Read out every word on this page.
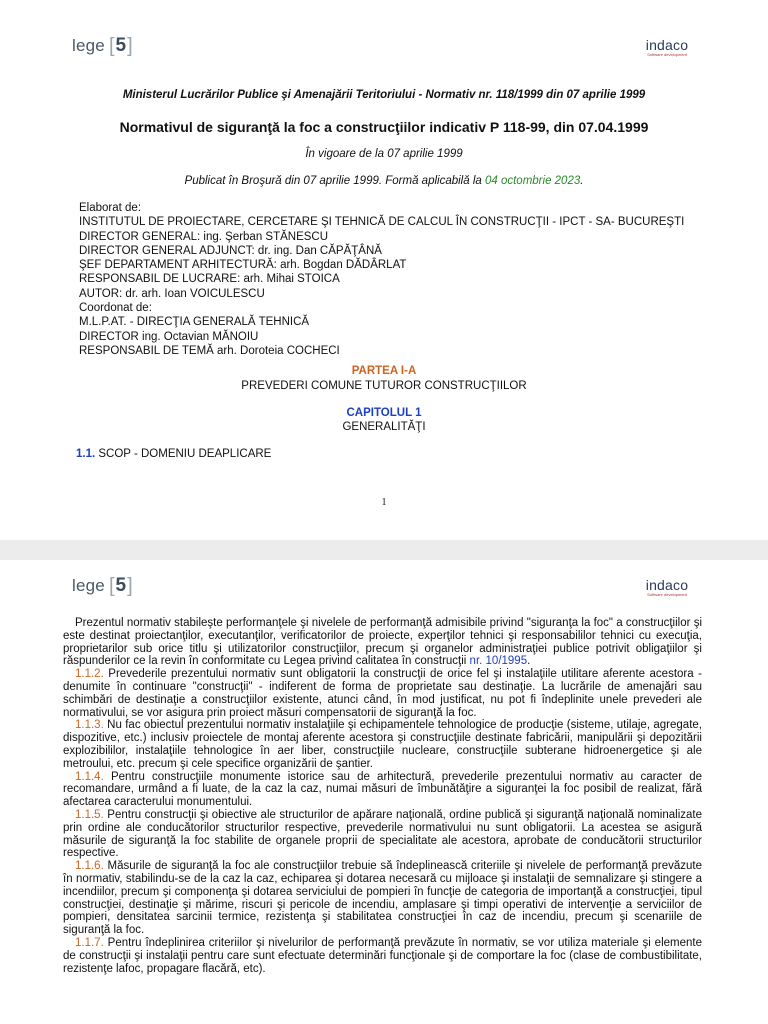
lege [ 5 ]	indaco
Software development
Ministerul Lucrărilor Publice şi Amenajării Teritoriului - Normativ nr. 118/1999 din 07 aprilie 1999
Normativul de siguranţă la foc a construcţiilor indicativ P 118-99, din 07.04.1999
În vigoare de la 07 aprilie 1999
Publicat în Broşură din 07 aprilie 1999. Formă aplicabilă la 04 octombrie 2023.
Elaborat de:
INSTITUTUL DE PROIECTARE, CERCETARE ŞI TEHNICĂ DE CALCUL ÎN CONSTRUCŢII - IPCT - SA- BUCUREŞTI
DIRECTOR GENERAL: ing. Şerban STĂNESCU
DIRECTOR GENERAL ADJUNCT: dr. ing. Dan CĂPĂŢÂNĂ
ŞEF DEPARTAMENT ARHITECTURĂ: arh. Bogdan DĂDÂRLAT
RESPONSABIL DE LUCRARE: arh. Mihai STOICA
AUTOR: dr. arh. Ioan VOICULESCU
Coordonat de:
M.L.P.AT. - DIRECŢIA GENERALĂ TEHNICĂ
DIRECTOR ing. Octavian MĂNOIU
RESPONSABIL DE TEMĂ arh. Doroteia COCHECI
PARTEA I-A
PREVEDERI COMUNE TUTUROR CONSTRUCŢIILOR
CAPITOLUL 1
GENERALITĂŢI
1.1. SCOP - DOMENIU DEAPLICARE
1
lege [ 5 ]	indaco
Software development

Prezentul normativ stabileşte performanţele şi nivelele de performanţă admisibile privind "siguranţa la foc" a construcţiilor şi este destinat proiectanţilor, executanţilor, verificatorilor de proiecte, experţilor tehnici şi responsabililor tehnici cu execuţia, proprietarilor sub orice titlu şi utilizatorilor construcţiilor, precum şi organelor administraţiei publice potrivit obligaţiilor şi răspunderilor ce la revin în conformitate cu Legea privind calitatea în construcţii nr. 10/1995.

1.1.2. Prevederile prezentului normativ sunt obligatorii la construcţii de orice fel şi instalaţiile utilitare aferente acestora - denumite în continuare "construcţii" - indiferent de forma de proprietate sau destinaţie. La lucrările de amenajări sau schimbări de destinaţie a construcţiilor existente, atunci când, în mod justificat, nu pot fi îndeplinite unele prevederi ale normativului, se vor asigura prin proiect măsuri compensatorii de siguranţă la foc.

1.1.3. Nu fac obiectul prezentului normativ instalaţiile şi echipamentele tehnologice de producţie (sisteme, utilaje, agregate, dispozitive, etc.) inclusiv proiectele de montaj aferente acestora şi construcţiile destinate fabricării, manipulării şi depozitării explozibililor, instalaţiile tehnologice în aer liber, construcţiile nucleare, construcţiile subterane hidroenergetice şi ale metroului, etc. precum şi cele specifice organizării de şantier.

1.1.4. Pentru construcţiile monumente istorice sau de arhitectură, prevederile prezentului normativ au caracter de recomandare, urmând a fi luate, de la caz la caz, numai măsuri de îmbunătăţire a siguranţei la foc posibil de realizat, fără afectarea caracterului monumentului.

1.1.5. Pentru construcţii şi obiective ale structurilor de apărare naţională, ordine publică şi siguranţă naţională nominalizate prin ordine ale conducătorilor structurilor respective, prevederile normativului nu sunt obligatorii. La acestea se asigură măsurile de siguranţă la foc stabilite de organele proprii de specialitate ale acestora, aprobate de conducătorii structurilor respective.

1.1.6. Măsurile de siguranţă la foc ale construcţiilor trebuie să îndeplinească criteriile şi nivelele de performanţă prevăzute în normativ, stabilindu-se de la caz la caz, echiparea şi dotarea necesară cu mijloace şi instalaţii de semnalizare şi stingere a incendiilor, precum şi componenţa şi dotarea serviciului de pompieri în funcţie de categoria de importanţă a construcţiei, tipul construcţiei, destinaţie şi mărime, riscuri şi pericole de incendiu, amplasare şi timpi operativi de intervenţie a serviciilor de pompieri, densitatea sarcinii termice, rezistenţa şi stabilitatea construcţiei în caz de incendiu, precum şi scenariile de siguranţă la foc.

1.1.7. Pentru îndeplinirea criteriilor şi nivelurilor de performanţă prevăzute în normativ, se vor utiliza materiale şi elemente de construcţii şi instalaţii pentru care sunt efectuate determinări funcţionale şi de comportare la foc (clase de combustibilitate, rezistenţe lafoc, propagare flacără, etc).
